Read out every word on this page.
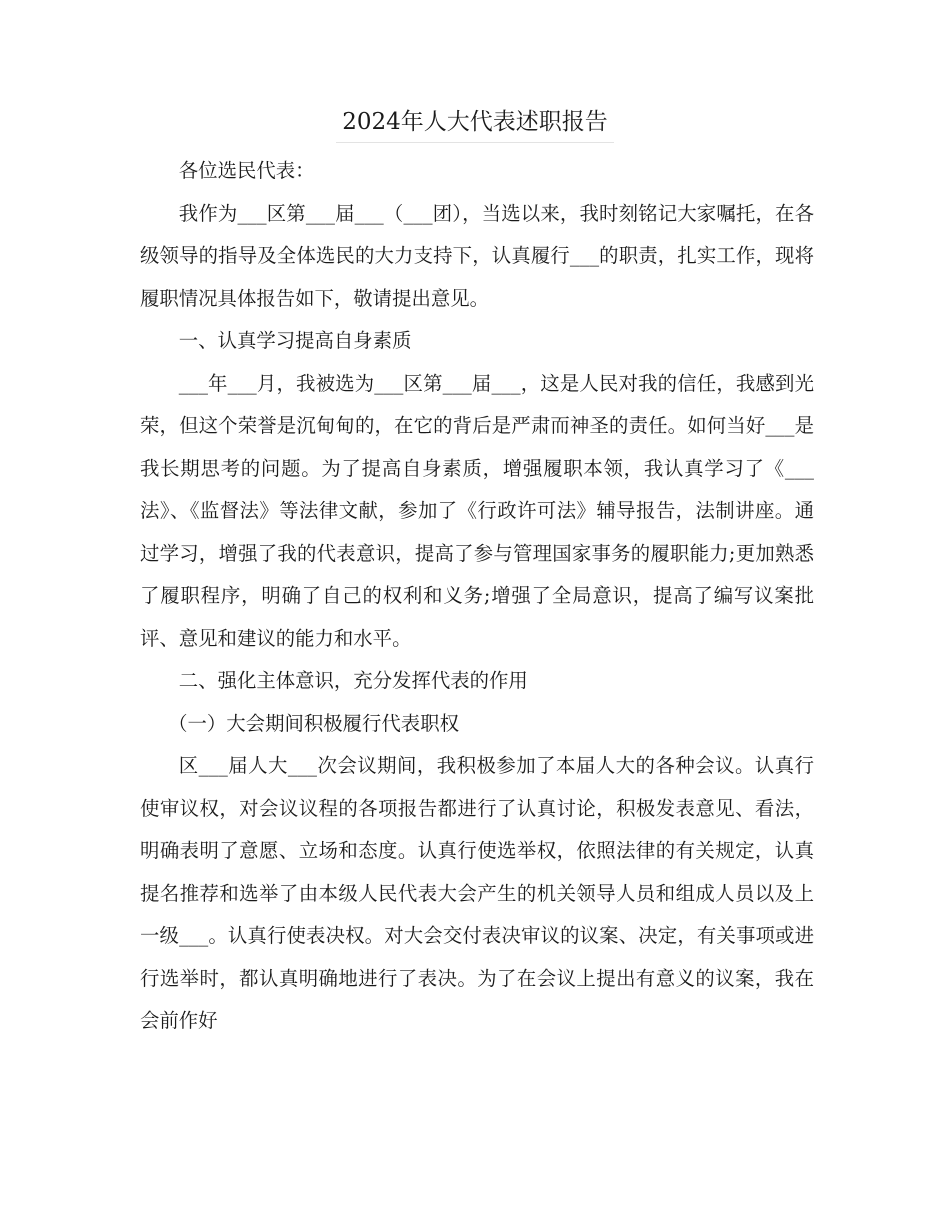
2024年人大代表述职报告

各位选民代表：

我作为___区第___届___（___团），当选以来，我时刻铭记大家嘱托，在各级领导的指导及全体选民的大力支持下，认真履行___的职责，扎实工作，现将履职情况具体报告如下，敬请提出意见。

一、认真学习提高自身素质

___年___月，我被选为___区第___届___，这是人民对我的信任，我感到光荣，但这个荣誉是沉甸甸的，在它的背后是严肃而神圣的责任。如何当好___是我长期思考的问题。为了提高自身素质，增强履职本领，我认真学习了《___法》、《监督法》等法律文献，参加了《行政许可法》辅导报告，法制讲座。通过学习，增强了我的代表意识，提高了参与管理国家事务的履职能力;更加熟悉了履职程序，明确了自己的权利和义务;增强了全局意识，提高了编写议案批评、意见和建议的能力和水平。

二、强化主体意识，充分发挥代表的作用

（一）大会期间积极履行代表职权

区___届人大___次会议期间，我积极参加了本届人大的各种会议。认真行使审议权，对会议议程的各项报告都进行了认真讨论，积极发表意见、看法，明确表明了意愿、立场和态度。认真行使选举权，依照法律的有关规定，认真提名推荐和选举了由本级人民代表大会产生的机关领导人员和组成人员以及上一级___。认真行使表决权。对大会交付表决审议的议案、决定，有关事项或进行选举时，都认真明确地进行了表决。为了在会议上提出有意义的议案，我在会前作好
